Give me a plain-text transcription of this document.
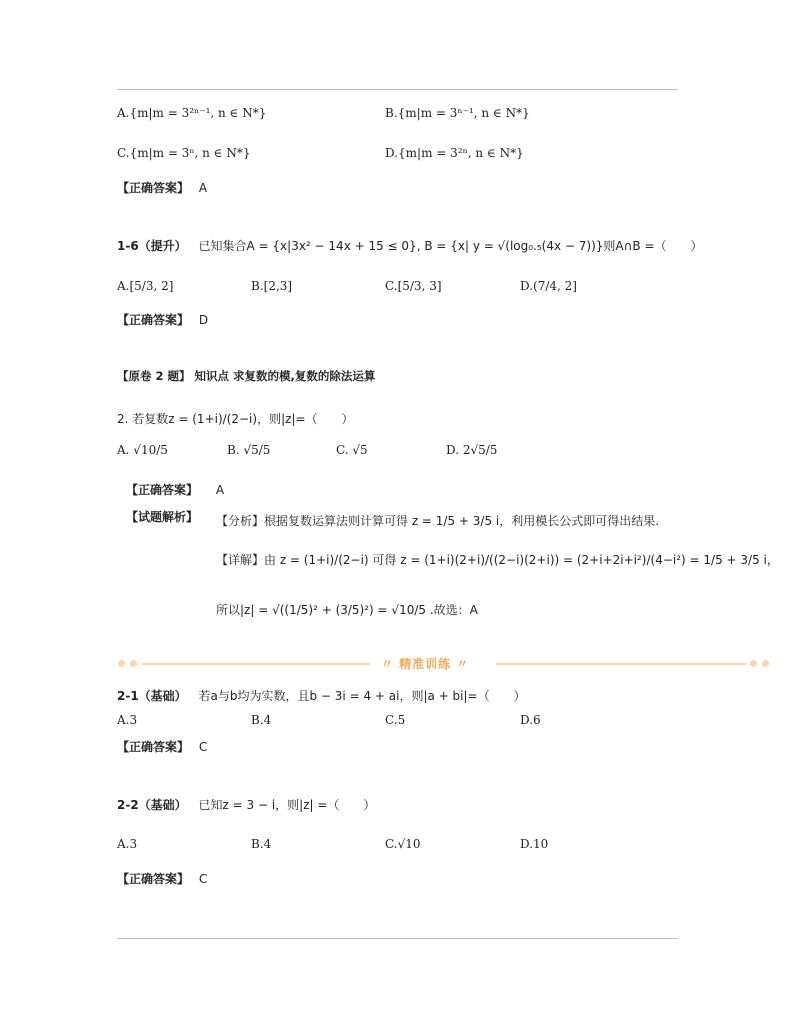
A.{m|m = 3²ⁿ⁻¹, n ∈ N*}	B.{m|m = 3ⁿ⁻¹, n ∈ N*}
C.{m|m = 3ⁿ, n ∈ N*}	D.{m|m = 3²ⁿ, n ∈ N*}
【正确答案】 A
1-6（提升） 已知集合A = {x|3x² − 14x + 15 ≤ 0}, B = {x| y = √(log₀.₅(4x − 7))}则A∩B =（　　）
A.[5/3, 2]	B.[2,3]	C.[5/3, 3]	D.(7/4, 2]
【正确答案】 D
【原卷 2 题】 知识点 求复数的模,复数的除法运算
2. 若复数z = (1+i)/(2−i)，则|z|=（　　）
A. √10/5	B. √5/5	C. √5	D. 2√5/5
【正确答案】 A
【试题解析】 【分析】根据复数运算法则计算可得 z = 1/5 + 3/5 i，利用模长公式即可得出结果.
【详解】由 z = (1+i)/(2−i) 可得 z = (1+i)(2+i)/((2−i)(2+i)) = (2+i+2i+i²)/(4−i²) = 1/5 + 3/5 i，
所以|z| = √((1/5)² + (3/5)²) = √10/5 .故选：A
〃 精准训练 〃
2-1（基础） 若a与b均为实数，且b − 3i = 4 + ai，则|a + bi|=（　　）
A.3	B.4	C.5	D.6
【正确答案】 C
2-2（基础） 已知z = 3 − i，则|z| =（　　）
A.3	B.4	C.√10	D.10
【正确答案】 C
